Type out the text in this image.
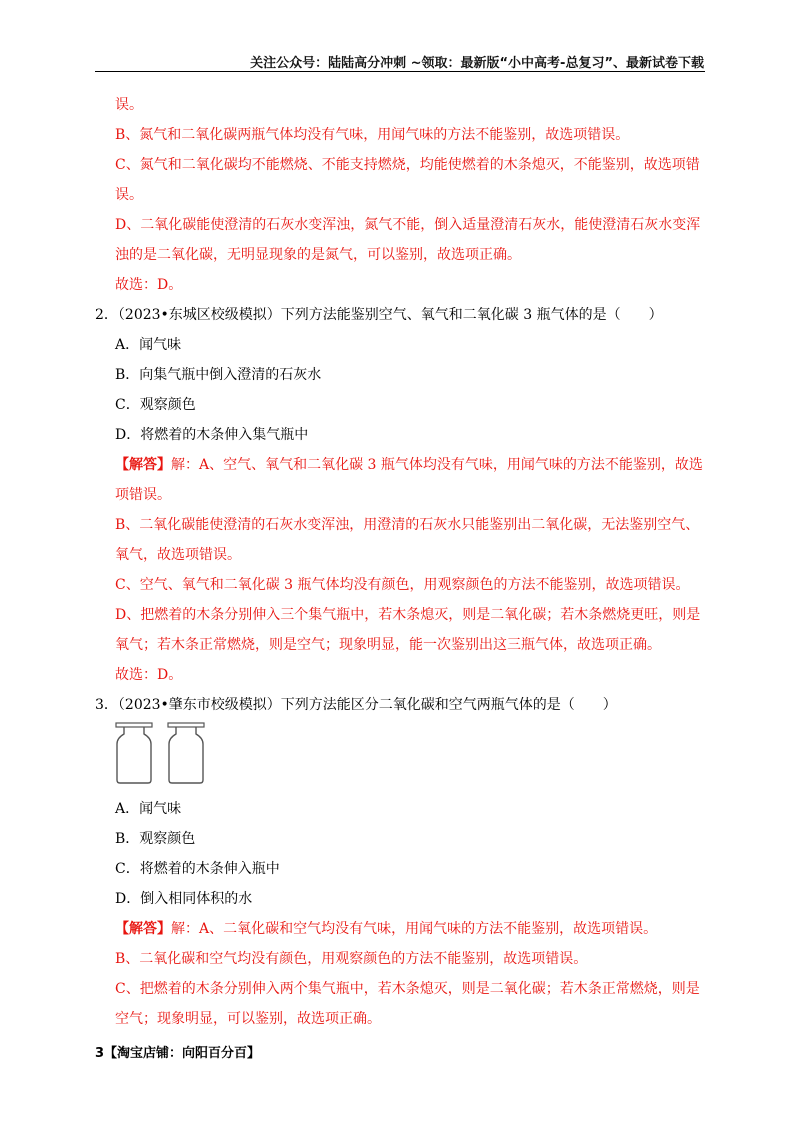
关注公众号：陆陆高分冲刺 ~领取：最新版“小中高考-总复习”、最新试卷下载

误。

B、氮气和二氧化碳两瓶气体均没有气味，用闻气味的方法不能鉴别，故选项错误。

C、氮气和二氧化碳均不能燃烧、不能支持燃烧，均能使燃着的木条熄灭，不能鉴别，故选项错

误。

D、二氧化碳能使澄清的石灰水变浑浊，氮气不能，倒入适量澄清石灰水，能使澄清石灰水变浑

浊的是二氧化碳，无明显现象的是氮气，可以鉴别，故选项正确。

故选：D。

2．（2023•东城区校级模拟）下列方法能鉴别空气、氧气和二氧化碳 3 瓶气体的是（　　）

A．闻气味

B．向集气瓶中倒入澄清的石灰水

C．观察颜色

D．将燃着的木条伸入集气瓶中

【解答】解：A、空气、氧气和二氧化碳 3 瓶气体均没有气味，用闻气味的方法不能鉴别，故选

项错误。

B、二氧化碳能使澄清的石灰水变浑浊，用澄清的石灰水只能鉴别出二氧化碳，无法鉴别空气、

氧气，故选项错误。

C、空气、氧气和二氧化碳 3 瓶气体均没有颜色，用观察颜色的方法不能鉴别，故选项错误。

D、把燃着的木条分别伸入三个集气瓶中，若木条熄灭，则是二氧化碳；若木条燃烧更旺，则是

氧气；若木条正常燃烧，则是空气；现象明显，能一次鉴别出这三瓶气体，故选项正确。

故选：D。

3．（2023•肇东市校级模拟）下列方法能区分二氧化碳和空气两瓶气体的是（　　）

A．闻气味

B．观察颜色

C．将燃着的木条伸入瓶中

D．倒入相同体积的水

【解答】解：A、二氧化碳和空气均没有气味，用闻气味的方法不能鉴别，故选项错误。

B、二氧化碳和空气均没有颜色，用观察颜色的方法不能鉴别，故选项错误。

C、把燃着的木条分别伸入两个集气瓶中，若木条熄灭，则是二氧化碳；若木条正常燃烧，则是

空气；现象明显，可以鉴别，故选项正确。

3【淘宝店铺：向阳百分百】
